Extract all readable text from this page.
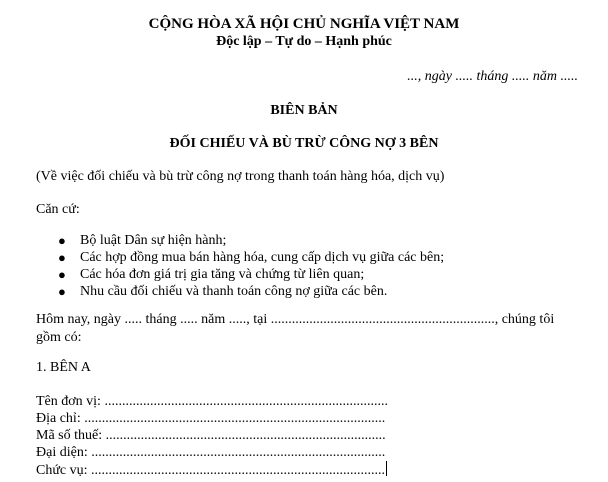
CỘNG HÒA XÃ HỘI CHỦ NGHĨA VIỆT NAM
Độc lập – Tự do – Hạnh phúc
..., ngày ..... tháng ..... năm .....
BIÊN BẢN
ĐỐI CHIẾU VÀ BÙ TRỪ CÔNG NỢ 3 BÊN
(Về việc đối chiếu và bù trừ công nợ trong thanh toán hàng hóa, dịch vụ)
Căn cứ:
● Bộ luật Dân sự hiện hành;
● Các hợp đồng mua bán hàng hóa, cung cấp dịch vụ giữa các bên;
● Các hóa đơn giá trị gia tăng và chứng từ liên quan;
● Nhu cầu đối chiếu và thanh toán công nợ giữa các bên.
Hôm nay, ngày ..... tháng ..... năm ....., tại ................................................................, chúng tôi gồm có:
1. BÊN A
Tên đơn vị: .................................................................................
Địa chỉ: ......................................................................................
Mã số thuế: ................................................................................
Đại diện: ....................................................................................
Chức vụ: ....................................................................................
